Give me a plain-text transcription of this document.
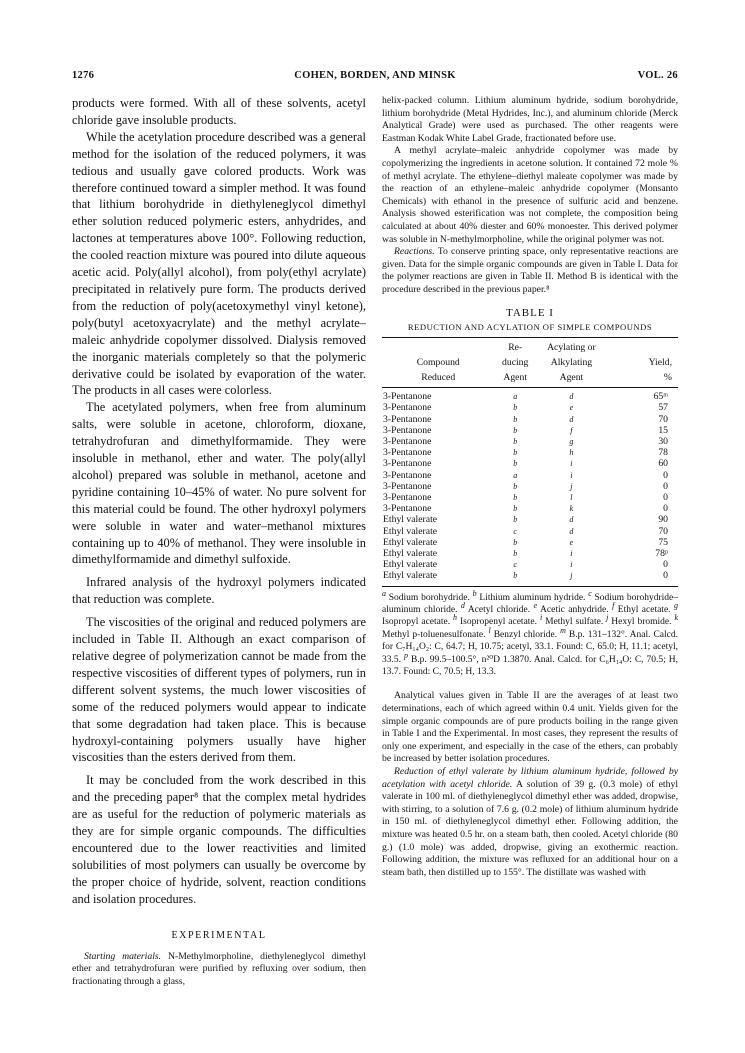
1276	COHEN, BORDEN, AND MINSK	VOL. 26

products were formed. With all of these solvents, acetyl chloride gave insoluble products.

While the acetylation procedure described was a general method for the isolation of the reduced polymers, it was tedious and usually gave colored products. Work was therefore continued toward a simpler method. It was found that lithium borohydride in diethyleneglycol dimethyl ether solution reduced polymeric esters, anhydrides, and lactones at temperatures above 100°. Following reduction, the cooled reaction mixture was poured into dilute aqueous acetic acid. Poly(allyl alcohol), from poly(ethyl acrylate) precipitated in relatively pure form. The products derived from the reduction of poly(acetoxymethyl vinyl ketone), poly(butyl acetoxyacrylate) and the methyl acrylate–maleic anhydride copolymer dissolved. Dialysis removed the inorganic materials completely so that the polymeric derivative could be isolated by evaporation of the water. The products in all cases were colorless.

The acetylated polymers, when free from aluminum salts, were soluble in acetone, chloroform, dioxane, tetrahydrofuran and dimethylformamide. They were insoluble in methanol, ether and water. The poly(allyl alcohol) prepared was soluble in methanol, acetone and pyridine containing 10–45% of water. No pure solvent for this material could be found. The other hydroxyl polymers were soluble in water and water–methanol mixtures containing up to 40% of methanol. They were insoluble in dimethylformamide and dimethyl sulfoxide.

Infrared analysis of the hydroxyl polymers indicated that reduction was complete.

The viscosities of the original and reduced polymers are included in Table II. Although an exact comparison of relative degree of polymerization cannot be made from the respective viscosities of different types of polymers, run in different solvent systems, the much lower viscosities of some of the reduced polymers would appear to indicate that some degradation had taken place. This is because hydroxyl-containing polymers usually have higher viscosities than the esters derived from them.

It may be concluded from the work described in this and the preceding paper⁸ that the complex metal hydrides are as useful for the reduction of polymeric materials as they are for simple organic compounds. The difficulties encountered due to the lower reactivities and limited solubilities of most polymers can usually be overcome by the proper choice of hydride, solvent, reaction conditions and isolation procedures.

EXPERIMENTAL

Starting materials. N-Methylmorpholine, diethyleneglycol dimethyl ether and tetrahydrofuran were purified by refluxing over sodium, then fractionating through a glass,

helix-packed column. Lithium aluminum hydride, sodium borohydride, lithium borohydride (Metal Hydrides, Inc.), and aluminum chloride (Merck Analytical Grade) were used as purchased. The other reagents were Eastman Kodak White Label Grade, fractionated before use.

A methyl acrylate–maleic anhydride copolymer was made by copolymerizing the ingredients in acetone solution. It contained 72 mole % of methyl acrylate. The ethylene–diethyl maleate copolymer was made by the reaction of an ethylene–maleic anhydride copolymer (Monsanto Chemicals) with ethanol in the presence of sulfuric acid and benzene. Analysis showed esterification was not complete, the composition being calculated at about 40% diester and 60% monoester. This derived polymer was soluble in N-methylmorpholine, while the original polymer was not.

Reactions. To conserve printing space, only representative reactions are given. Data for the simple organic compounds are given in Table I. Data for the polymer reactions are given in Table II. Method B is identical with the procedure described in the previous paper.⁸

TABLE I
REDUCTION AND ACYLATION OF SIMPLE COMPOUNDS
	Re-	Acylating or	
Compound	ducing	Alkylating	Yield,
Reduced	Agent	Agent	%
3-Pentanone	a	d	65ᵐ
3-Pentanone	b	e	57
3-Pentanone	b	d	70
3-Pentanone	b	f	15
3-Pentanone	b	g	30
3-Pentanone	b	h	78
3-Pentanone	b	i	60
3-Pentanone	a	i	0
3-Pentanone	b	j	0
3-Pentanone	b	l	0
3-Pentanone	b	k	0
Ethyl valerate	b	d	90
Ethyl valerate	c	d	70
Ethyl valerate	b	e	75
Ethyl valerate	b	i	78ᵖ
Ethyl valerate	c	i	0
Ethyl valerate	b	j	0

$^a$ Sodium borohydride. $^b$ Lithium aluminum hydride. $^c$ Sodium borohydride–aluminum chloride. $^d$ Acetyl chloride. $^e$ Acetic anhydride. $^f$ Ethyl acetate. $^g$ Isopropyl acetate. $^h$ Isopropenyl acetate. $^i$ Methyl sulfate. $^j$ Hexyl bromide. $^k$ Methyl p-toluenesulfonate. $^l$ Benzyl chloride. $^m$ B.p. 131–132°. Anal. Calcd. for C₇H₁₄O₂: C, 64.7; H, 10.75; acetyl, 33.1. Found: C, 65.0; H, 11.1; acetyl, 33.5. $^p$ B.p. 99.5–100.5°, n²⁰D 1.3870. Anal. Calcd. for C₆H₁₄O: C, 70.5; H, 13.7. Found: C, 70.5; H, 13.3.

Analytical values given in Table II are the averages of at least two determinations, each of which agreed within 0.4 unit. Yields given for the simple organic compounds are of pure products boiling in the range given in Table I and the Experimental. In most cases, they represent the results of only one experiment, and especially in the case of the ethers, can probably be increased by better isolation procedures.

Reduction of ethyl valerate by lithium aluminum hydride, followed by acetylation with acetyl chloride. A solution of 39 g. (0.3 mole) of ethyl valerate in 100 ml. of diethyleneglycol dimethyl ether was added, dropwise, with stirring, to a solution of 7.6 g. (0.2 mole) of lithium aluminum hydride in 150 ml. of diethyleneglycol dimethyl ether. Following addition, the mixture was heated 0.5 hr. on a steam bath, then cooled. Acetyl chloride (80 g.) (1.0 mole) was added, dropwise, giving an exothermic reaction. Following addition, the mixture was refluxed for an additional hour on a steam bath, then distilled up to 155°. The distillate was washed with
